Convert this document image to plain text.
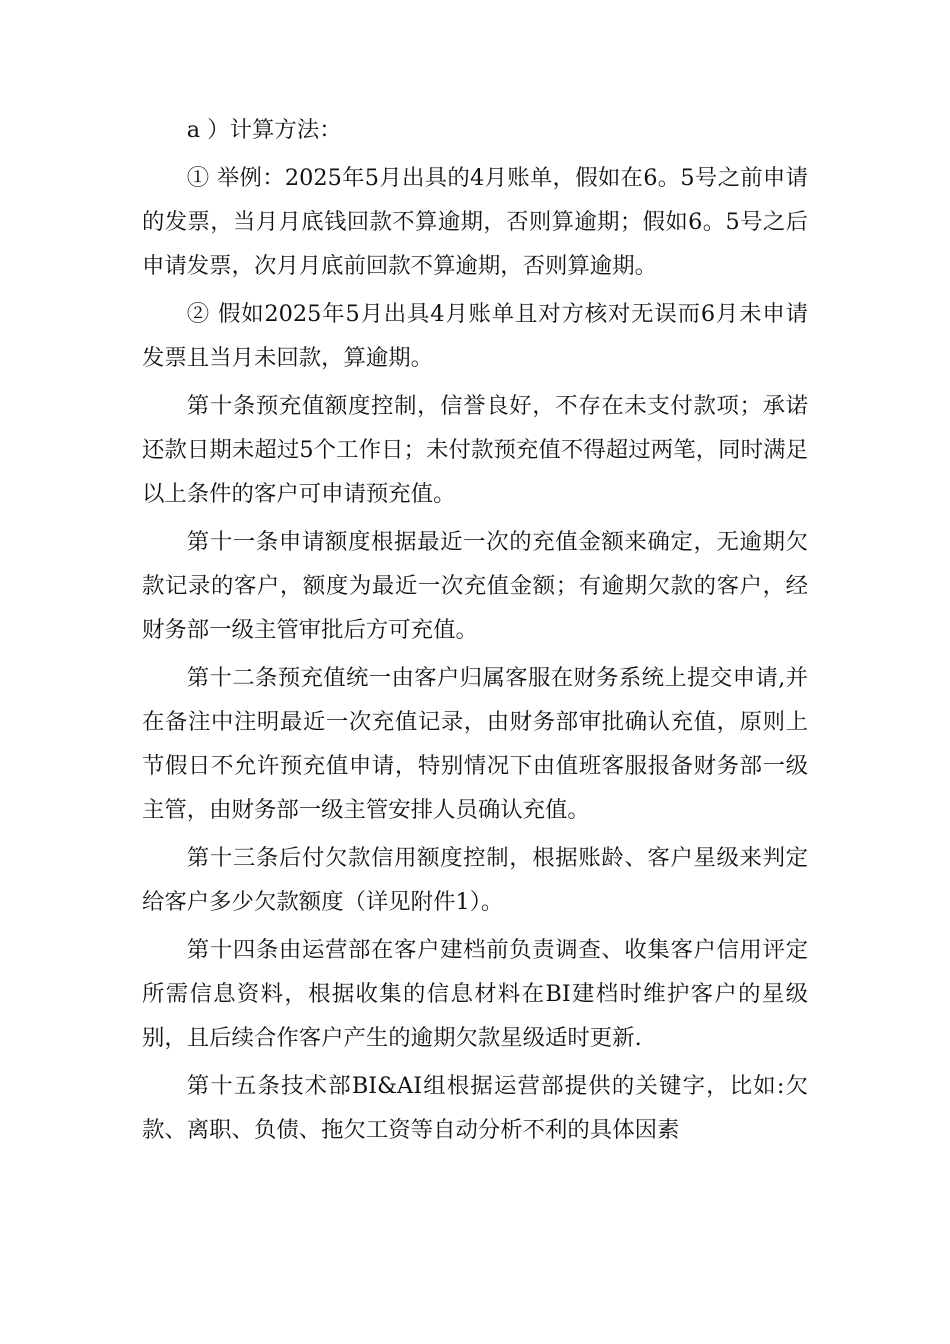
a ）计算方法：

① 举例：2025年5月出具的4月账单，假如在6。5号之前申请的发票，当月月底钱回款不算逾期，否则算逾期；假如6。5号之后申请发票，次月月底前回款不算逾期，否则算逾期。

② 假如2025年5月出具4月账单且对方核对无误而6月未申请发票且当月未回款，算逾期。

第十条预充值额度控制，信誉良好，不存在未支付款项；承诺还款日期未超过5个工作日；未付款预充值不得超过两笔，同时满足以上条件的客户可申请预充值。

第十一条申请额度根据最近一次的充值金额来确定，无逾期欠款记录的客户，额度为最近一次充值金额；有逾期欠款的客户，经财务部一级主管审批后方可充值。

第十二条预充值统一由客户归属客服在财务系统上提交申请,并在备注中注明最近一次充值记录，由财务部审批确认充值，原则上节假日不允许预充值申请，特别情况下由值班客服报备财务部一级主管，由财务部一级主管安排人员确认充值。

第十三条后付欠款信用额度控制，根据账龄、客户星级来判定给客户多少欠款额度（详见附件1）。

第十四条由运营部在客户建档前负责调查、收集客户信用评定所需信息资料，根据收集的信息材料在BI建档时维护客户的星级别，且后续合作客户产生的逾期欠款星级适时更新.

第十五条技术部BI&AI组根据运营部提供的关键字，比如:欠款、离职、负债、拖欠工资等自动分析不利的具体因素
